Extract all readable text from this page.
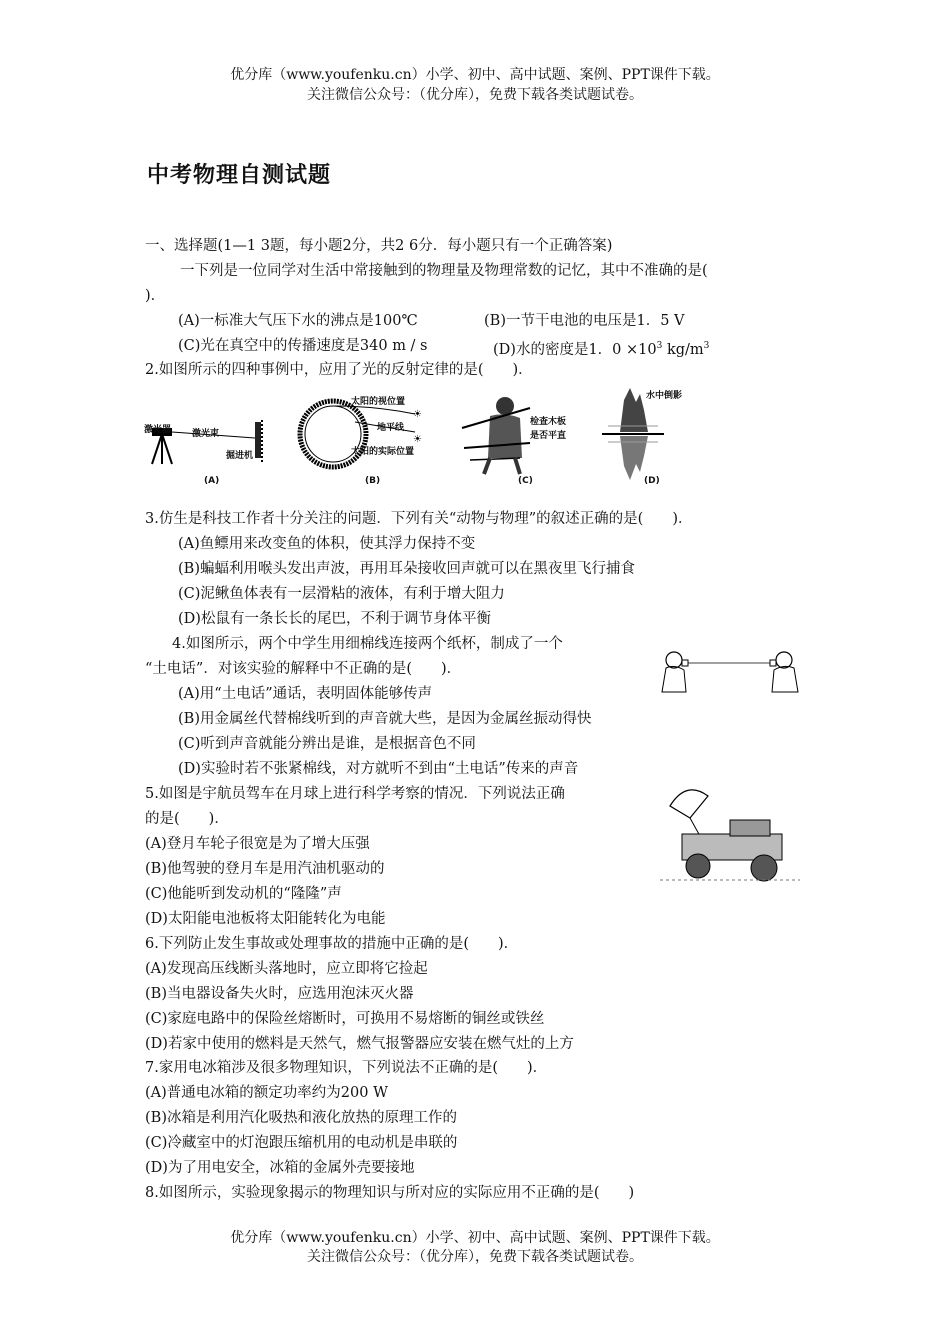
优分库（www.youfenku.cn）小学、初中、高中试题、案例、PPT课件下载。
关注微信公众号：（优分库），免费下载各类试题试卷。
中考物理自测试题
一、选择题(1—1 3题，每小题2分，共2 6分．每小题只有一个正确答案)
一下列是一位同学对生活中常接触到的物理量及物理常数的记忆，其中不准确的是(
)．
(A)一标准大气压下水的沸点是100℃	(B)一节干电池的电压是1．5 V
(C)光在真空中的传播速度是340 m / s	(D)水的密度是1．$0 \times 10^3$ $kg/m^3$
2.如图所示的四种事例中，应用了光的反射定律的是(　　)．
激光器 激光束
掘进机
(A)
☀
☀
太阳的视位置
地平线
太阳的实际位置
(B)
检查木板
是否平直
(C)
水中倒影
(D)
3.仿生是科技工作者十分关注的问题．下列有关“动物与物理”的叙述正确的是(　　)．
(A)鱼鳔用来改变鱼的体积，使其浮力保持不变
(B)蝙蝠利用喉头发出声波，再用耳朵接收回声就可以在黑夜里飞行捕食
(C)泥鳅鱼体表有一层滑粘的液体，有利于增大阻力
(D)松鼠有一条长长的尾巴，不利于调节身体平衡
4.如图所示，两个中学生用细棉线连接两个纸杯，制成了一个
“土电话”．对该实验的解释中不正确的是(　　)．
(A)用“土电话”通话，表明固体能够传声
(B)用金属丝代替棉线听到的声音就大些，是因为金属丝振动得快
(C)听到声音就能分辨出是谁，是根据音色不同
(D)实验时若不张紧棉线，对方就听不到由“土电话”传来的声音
5.如图是宇航员驾车在月球上进行科学考察的情况．下列说法正确
的是(　　)．
(A)登月车轮子很宽是为了增大压强
(B)他驾驶的登月车是用汽油机驱动的
(C)他能听到发动机的“隆隆”声
(D)太阳能电池板将太阳能转化为电能
6.下列防止发生事故或处理事故的措施中正确的是(　　)．
(A)发现高压线断头落地时，应立即将它捡起
(B)当电器设备失火时，应选用泡沫灭火器
(C)家庭电路中的保险丝熔断时，可换用不易熔断的铜丝或铁丝
(D)若家中使用的燃料是天然气，燃气报警器应安装在燃气灶的上方
7.家用电冰箱涉及很多物理知识，下列说法不正确的是(　　)．
(A)普通电冰箱的额定功率约为200 W
(B)冰箱是利用汽化吸热和液化放热的原理工作的
(C)冷藏室中的灯泡跟压缩机用的电动机是串联的
(D)为了用电安全，冰箱的金属外壳要接地
8.如图所示，实验现象揭示的物理知识与所对应的实际应用不正确的是(　　)
优分库（www.youfenku.cn）小学、初中、高中试题、案例、PPT课件下载。
关注微信公众号：（优分库），免费下载各类试题试卷。
